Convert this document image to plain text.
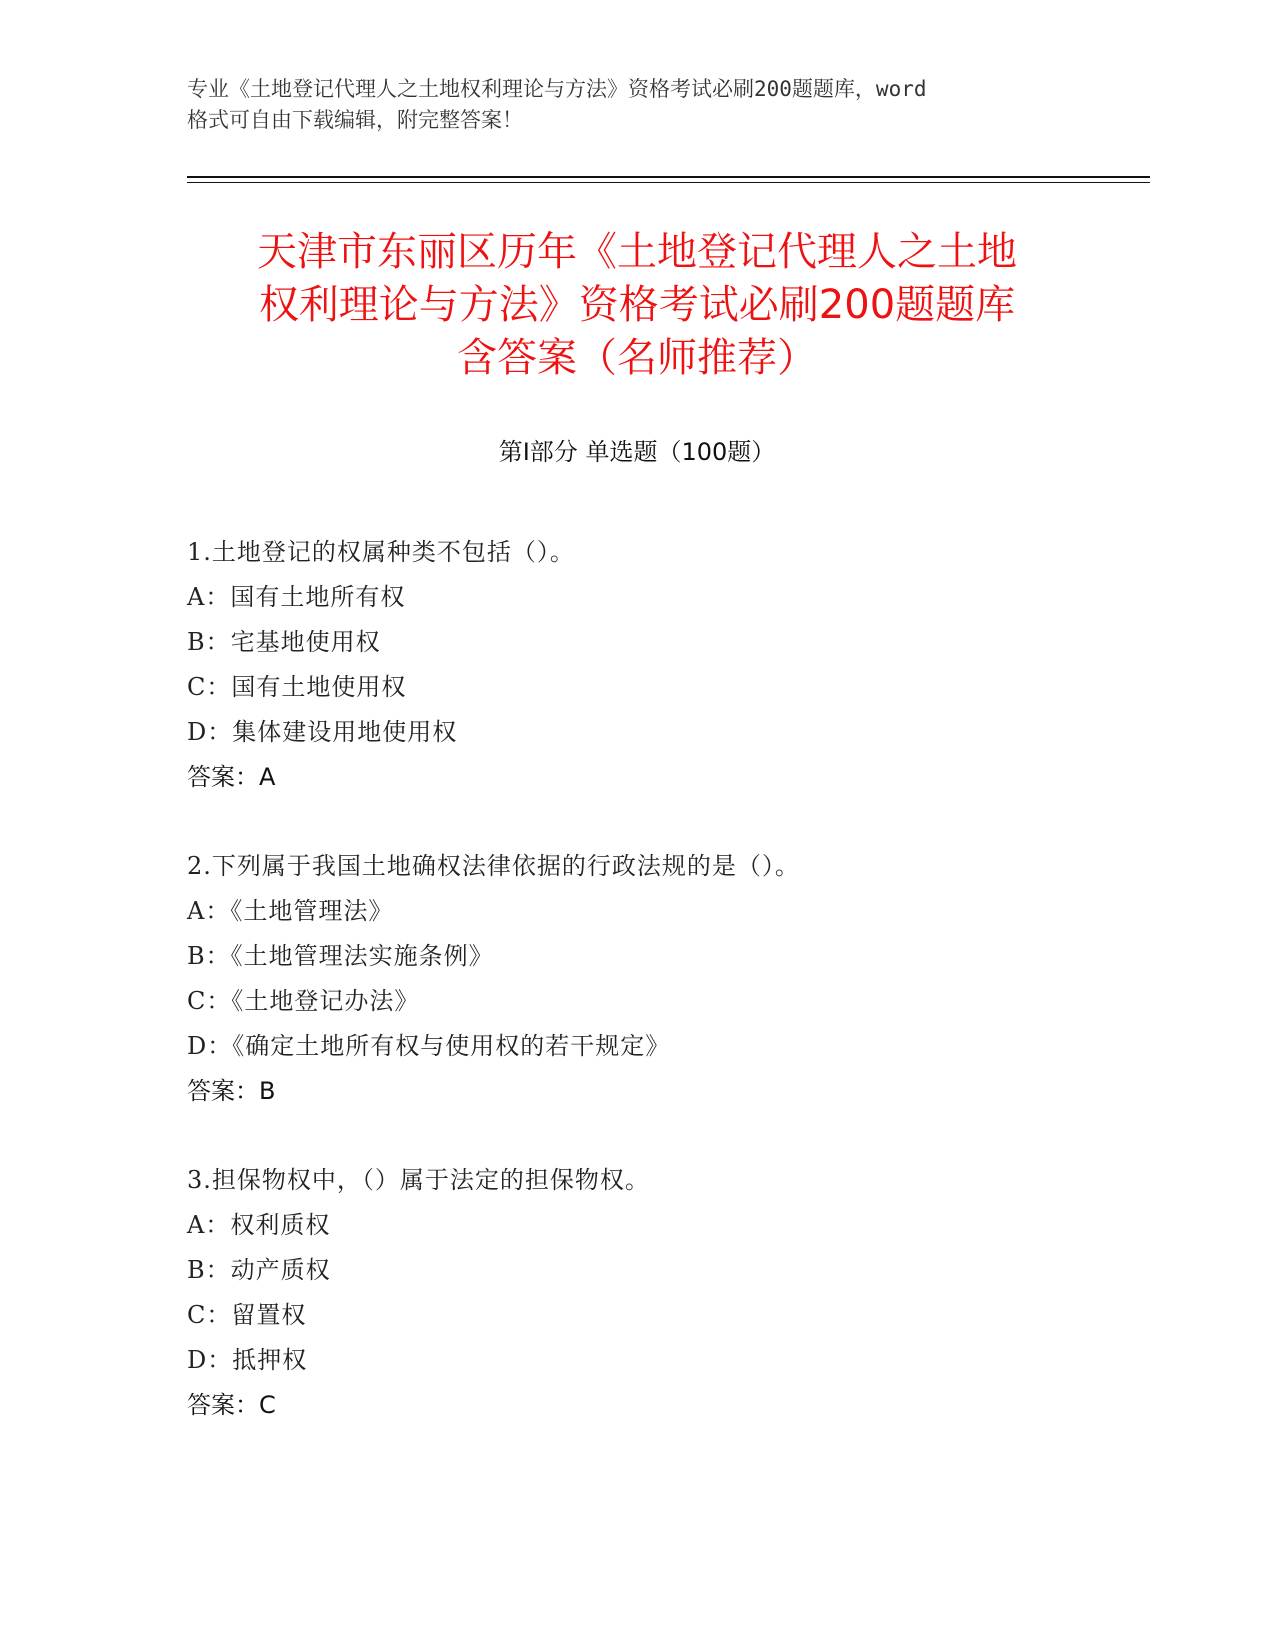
专业《土地登记代理人之土地权利理论与方法》资格考试必刷200题题库，word
格式可自由下载编辑，附完整答案！
天津市东丽区历年《土地登记代理人之土地
权利理论与方法》资格考试必刷200题题库
含答案（名师推荐）
第Ⅰ部分 单选题（100题）
1.土地登记的权属种类不包括（）。
A：国有土地所有权
B：宅基地使用权
C：国有土地使用权
D：集体建设用地使用权
答案：A
2.下列属于我国土地确权法律依据的行政法规的是（）。
A：《土地管理法》
B：《土地管理法实施条例》
C：《土地登记办法》
D：《确定土地所有权与使用权的若干规定》
答案：B
3.担保物权中，（）属于法定的担保物权。
A：权利质权
B：动产质权
C：留置权
D：抵押权
答案：C
